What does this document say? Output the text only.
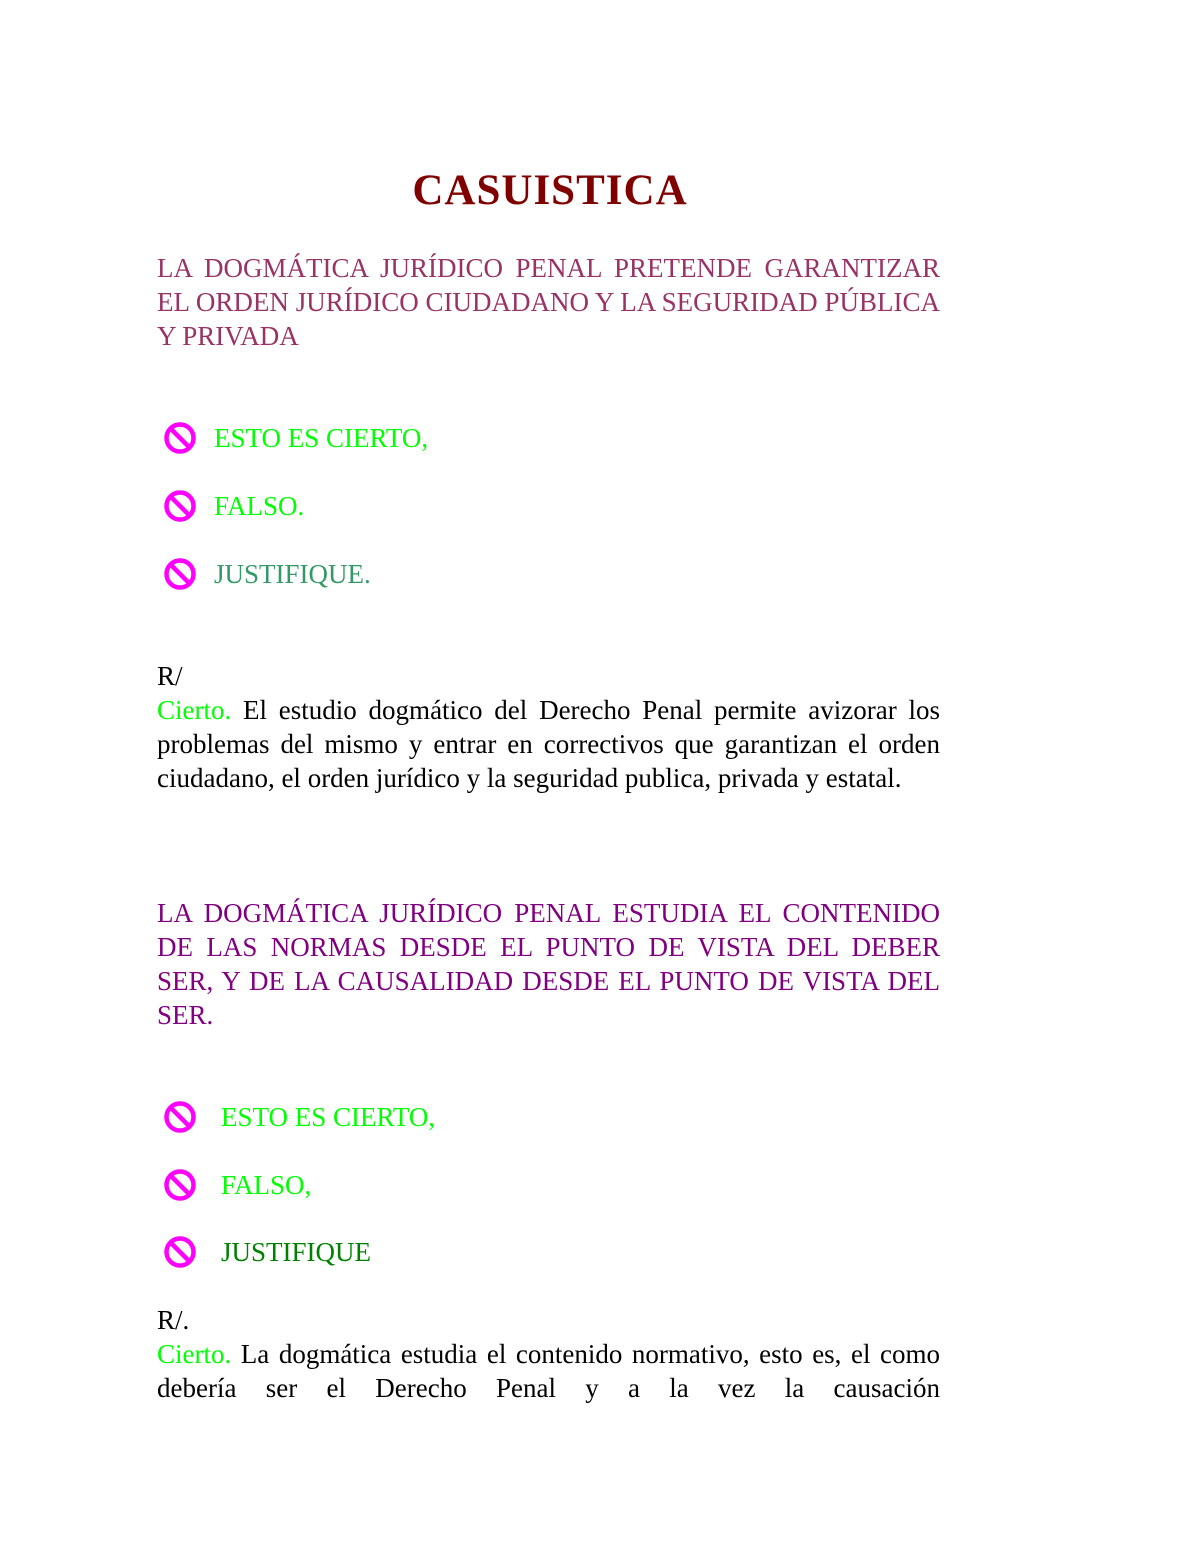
CASUISTICA
LA DOGMÁTICA JURÍDICO PENAL PRETENDE GARANTIZAR EL ORDEN JURÍDICO CIUDADANO Y LA SEGURIDAD PÚBLICA Y PRIVADA
ESTO ES CIERTO,
FALSO.
JUSTIFIQUE.
R/
Cierto. El estudio dogmático del Derecho Penal permite avizorar los problemas del mismo y entrar en correctivos que garantizan el orden ciudadano, el orden jurídico y la seguridad publica, privada y estatal.
LA DOGMÁTICA JURÍDICO PENAL ESTUDIA EL CONTENIDO DE LAS NORMAS DESDE EL PUNTO DE VISTA DEL DEBER SER, Y DE LA CAUSALIDAD DESDE EL PUNTO DE VISTA DEL SER.
ESTO ES CIERTO,
FALSO,
JUSTIFIQUE
R/.
Cierto. La dogmática estudia el contenido normativo, esto es, el como debería ser el Derecho Penal y a la vez la causación
